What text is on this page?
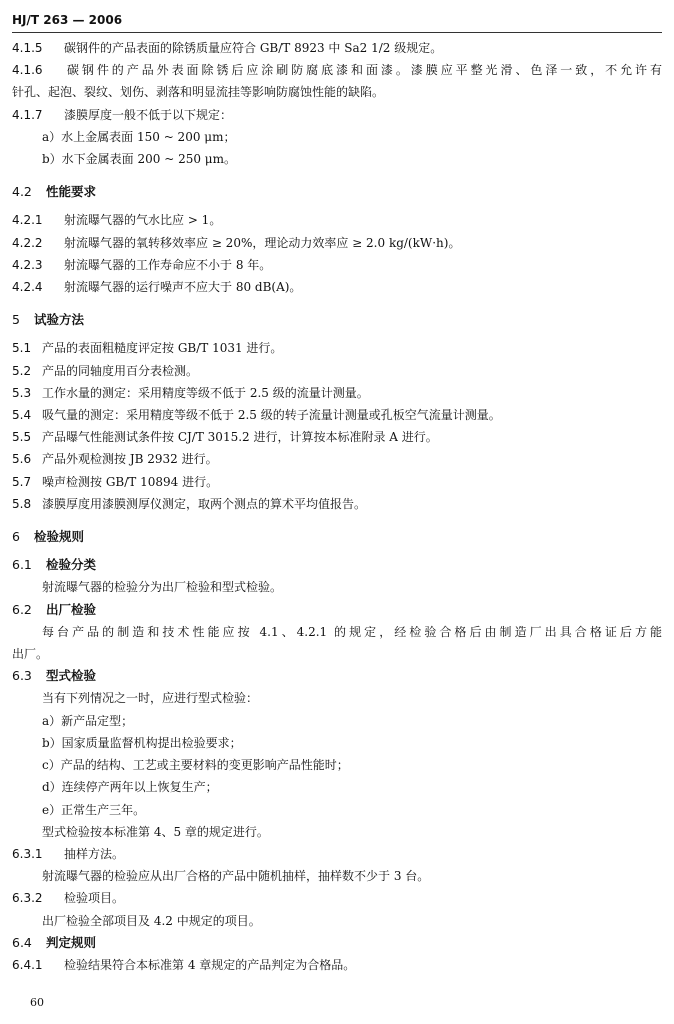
HJ/T 263 — 2006
4.1.5 碳钢件的产品表面的除锈质量应符合 GB/T 8923 中 Sa2 1/2 级规定。
4.1.6 碳钢件的产品外表面除锈后应涂刷防腐底漆和面漆。漆膜应平整光滑、色泽一致，不允许有
针孔、起泡、裂纹、划伤、剥落和明显流挂等影响防腐蚀性能的缺陷。
4.1.7 漆膜厚度一般不低于以下规定：
a）水上金属表面 150 ~ 200 μm；
b）水下金属表面 200 ~ 250 μm。
4.2 性能要求
4.2.1 射流曝气器的气水比应 > 1。
4.2.2 射流曝气器的氧转移效率应 ≥ 20%，理论动力效率应 ≥ 2.0 kg/(kW·h)。
4.2.3 射流曝气器的工作寿命应不小于 8 年。
4.2.4 射流曝气器的运行噪声不应大于 80 dB(A)。
5 试验方法
5.1 产品的表面粗糙度评定按 GB/T 1031 进行。
5.2 产品的同轴度用百分表检测。
5.3 工作水量的测定：采用精度等级不低于 2.5 级的流量计测量。
5.4 吸气量的测定：采用精度等级不低于 2.5 级的转子流量计测量或孔板空气流量计测量。
5.5 产品曝气性能测试条件按 CJ/T 3015.2 进行，计算按本标准附录 A 进行。
5.6 产品外观检测按 JB 2932 进行。
5.7 噪声检测按 GB/T 10894 进行。
5.8 漆膜厚度用漆膜测厚仪测定，取两个测点的算术平均值报告。
6 检验规则
6.1 检验分类
射流曝气器的检验分为出厂检验和型式检验。
6.2 出厂检验
每台产品的制造和技术性能应按 4.1、4.2.1 的规定，经检验合格后由制造厂出具合格证后方能
出厂。
6.3 型式检验
当有下列情况之一时，应进行型式检验：
a）新产品定型；
b）国家质量监督机构提出检验要求；
c）产品的结构、工艺或主要材料的变更影响产品性能时；
d）连续停产两年以上恢复生产；
e）正常生产三年。
型式检验按本标准第 4、5 章的规定进行。
6.3.1 抽样方法。
射流曝气器的检验应从出厂合格的产品中随机抽样，抽样数不少于 3 台。
6.3.2 检验项目。
出厂检验全部项目及 4.2 中规定的项目。
6.4 判定规则
6.4.1 检验结果符合本标准第 4 章规定的产品判定为合格品。
60
